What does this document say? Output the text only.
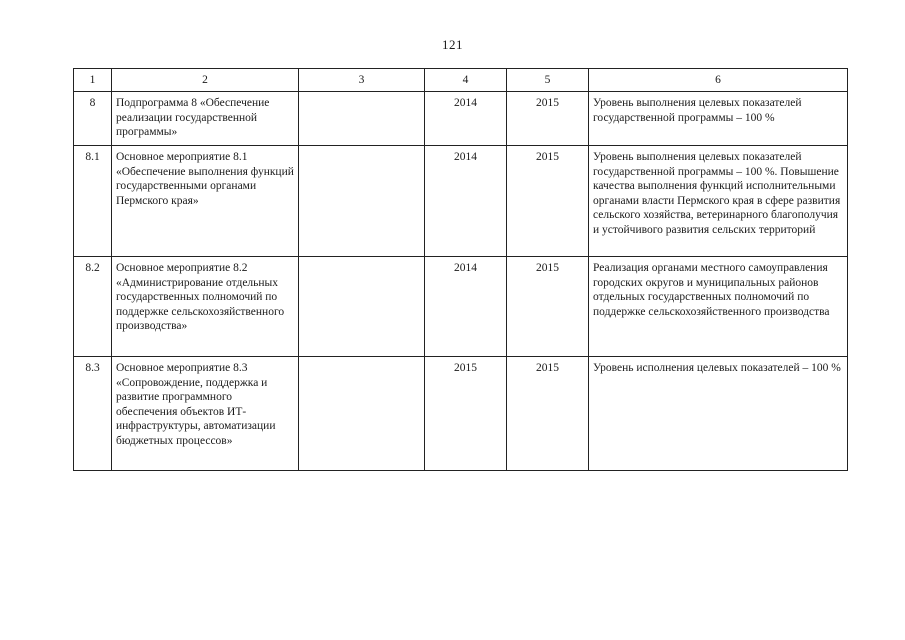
121
1	2	3	4	5	6
8	Подпрограмма 8 «Обеспечение реализации государственной программы»		2014	2015	Уровень выполнения целевых показателей государственной программы – 100 %
8.1	Основное мероприятие 8.1 «Обеспечение выполнения функций государственными органами Пермского края»		2014	2015	Уровень выполнения целевых показателей государственной программы – 100 %. Повышение качества выполнения функций исполнительными органами власти Пермского края в сфере развития сельского хозяйства, ветеринарного благополучия и устойчивого развития сельских территорий
8.2	Основное мероприятие 8.2 «Администрирование отдельных государственных полномочий по поддержке сельскохозяйственного производства»		2014	2015	Реализация органами местного самоуправления городских округов и муниципальных районов отдельных государственных полномочий по поддержке сельскохозяйственного производства
8.3	Основное мероприятие 8.3 «Сопровождение, поддержка и развитие программного обеспечения объектов ИТ-инфраструктуры, автоматизации бюджетных процессов»		2015	2015	Уровень исполнения целевых показателей – 100 %
